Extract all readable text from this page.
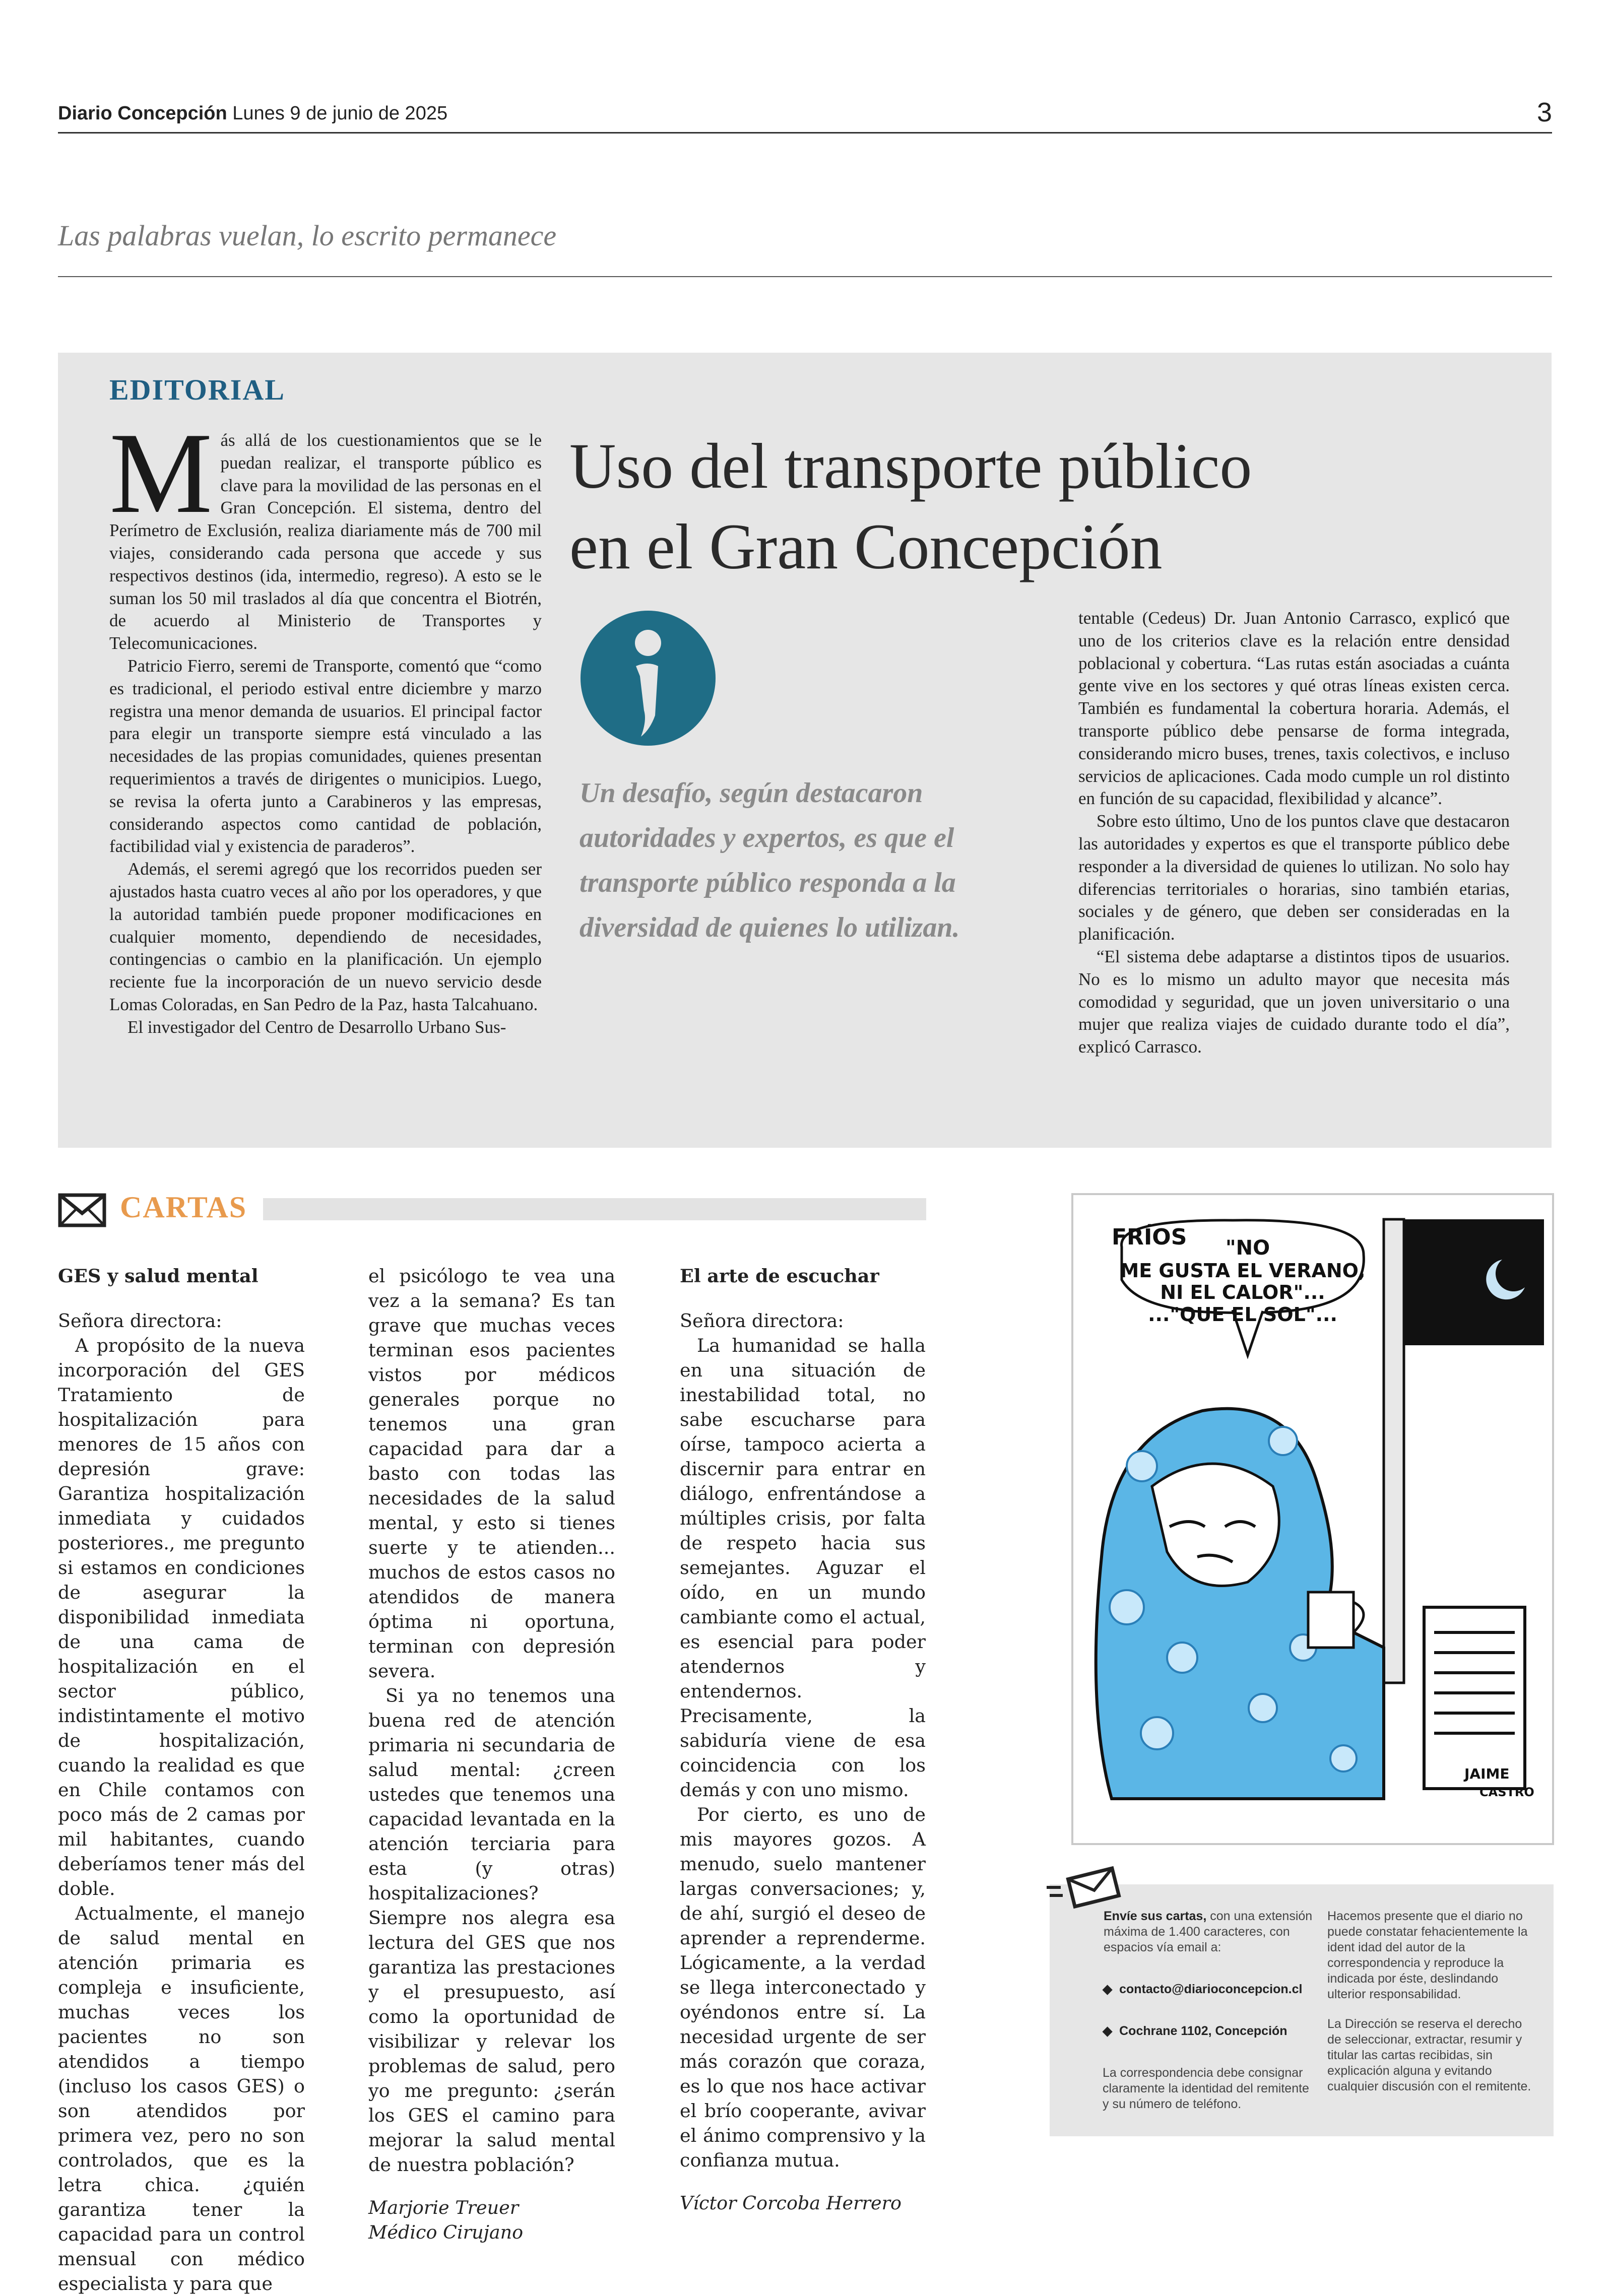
Diario Concepción Lunes 9 de junio de 2025	3
Las palabras vuelan, lo escrito permanece
EDITORIAL

Más allá de los cuestionamientos que se le puedan realizar, el transporte público es clave para la movilidad de las personas en el Gran Concepción. El sistema, dentro del Perímetro de Exclusión, realiza diariamente más de 700 mil viajes, considerando cada persona que accede y sus respectivos destinos (ida, intermedio, regreso). A esto se le suman los 50 mil traslados al día que concentra el Biotrén, de acuerdo al Ministerio de Transportes y Telecomunicaciones.

Patricio Fierro, seremi de Transporte, comentó que “como es tradicional, el periodo estival entre diciembre y marzo registra una menor demanda de usuarios. El principal factor para elegir un transporte siempre está vinculado a las necesidades de las propias comunidades, quienes presentan requerimientos a través de dirigentes o municipios. Luego, se revisa la oferta junto a Carabineros y las empresas, considerando aspectos como cantidad de población, factibilidad vial y existencia de paraderos”.

Además, el seremi agregó que los recorridos pueden ser ajustados hasta cuatro veces al año por los operadores, y que la autoridad también puede proponer modificaciones en cualquier momento, dependiendo de necesidades, contingencias o cambio en la planificación. Un ejemplo reciente fue la incorporación de un nuevo servicio desde Lomas Coloradas, en San Pedro de la Paz, hasta Talcahuano.

El investigador del Centro de Desarrollo Urbano Sus-

Uso del transporte público
en el Gran Concepción
Un desafío, según destacaron autoridades y expertos, es que el transporte público responda a la diversidad de quienes lo utilizan.

tentable (Cedeus) Dr. Juan Antonio Carrasco, explicó que uno de los criterios clave es la relación entre densidad poblacional y cobertura. “Las rutas están asociadas a cuánta gente vive en los sectores y qué otras líneas existen cerca. También es fundamental la cobertura horaria. Además, el transporte público debe pensarse de forma integrada, considerando micro buses, trenes, taxis colectivos, e incluso servicios de aplicaciones. Cada modo cumple un rol distinto en función de su capacidad, flexibilidad y alcance”.

Sobre esto último, Uno de los puntos clave que destacaron las autoridades y expertos es que el transporte público debe responder a la diversidad de quienes lo utilizan. No solo hay diferencias territoriales o horarias, sino también etarias, sociales y de género, que deben ser consideradas en la planificación.

“El sistema debe adaptarse a distintos tipos de usuarios. No es lo mismo un adulto mayor que necesita más comodidad y seguridad, que un joven universitario o una mujer que realiza viajes de cuidado durante todo el día”, explicó Carrasco.

CARTAS

GES y salud mental

Señora directora:

A propósito de la nueva incorporación del GES Tratamiento de hospitalización para menores de 15 años con depresión grave: Garantiza hospitalización inmediata y cuidados posteriores., me pregunto si estamos en condiciones de asegurar la disponibilidad inmediata de una cama de hospitalización en el sector público, indistintamente el motivo de hospitalización, cuando la realidad es que en Chile contamos con poco más de 2 camas por mil habitantes, cuando deberíamos tener más del doble.

Actualmente, el manejo de salud mental en atención primaria es compleja e insuficiente, muchas veces los pacientes no son atendidos a tiempo (incluso los casos GES) o son atendidos por primera vez, pero no son controlados, que es la letra chica. ¿quién garantiza tener la capacidad para un control mensual con médico especialista y para que

el psicólogo te vea una vez a la semana? Es tan grave que muchas veces terminan esos pacientes vistos por médicos generales porque no tenemos una gran capacidad para dar a basto con todas las necesidades de la salud mental, y esto si tienes suerte y te atienden... muchos de estos casos no atendidos de manera óptima ni oportuna, terminan con depresión severa.

Si ya no tenemos una buena red de atención primaria ni secundaria de salud mental: ¿creen ustedes que tenemos una capacidad levantada en la atención terciaria para esta (y otras) hospitalizaciones? Siempre nos alegra esa lectura del GES que nos garantiza las prestaciones y el presupuesto, así como la oportunidad de visibilizar y relevar los problemas de salud, pero yo me pregunto: ¿serán los GES el camino para mejorar la salud mental de nuestra población?

Marjorie Treuer

Médico Cirujano

El arte de escuchar

Señora directora:

La humanidad se halla en una situación de inestabilidad total, no sabe escucharse para oírse, tampoco acierta a discernir para entrar en diálogo, enfrentándose a múltiples crisis, por falta de respeto hacia sus semejantes. Aguzar el oído, en un mundo cambiante como el actual, es esencial para poder atendernos y entendernos. Precisamente, la sabiduría viene de esa coincidencia con los demás y con uno mismo.

Por cierto, es uno de mis mayores gozos. A menudo, suelo mantener largas conversaciones; y, de ahí, surgió el deseo de aprender a reprenderme. Lógicamente, a la verdad se llega interconectado y oyéndonos entre sí. La necesidad urgente de ser más corazón que coraza, es lo que nos hace activar el brío cooperante, avivar el ánimo comprensivo y la confianza mutua.

Víctor Corcoba Herrero

FRÍOS "NO
ME GUSTA EL VERANO,
NI EL CALOR"...
..."QUE EL SOL"...
JAIME
CASTRO
Envíe sus cartas, con una extensión máxima de 1.400 caracteres, con espacios vía email a:
◆  contacto@diarioconcepcion.cl
◆  Cochrane 1102, Concepción
La correspondencia debe consignar claramente la identidad del remitente y su número de teléfono.
Hacemos presente que el diario no puede constatar fehacientemente la ident idad del autor de la correspondencia y reproduce la indicada por éste, deslindando ulterior responsabilidad.
La Dirección se reserva el derecho de seleccionar, extractar, resumir y titular las cartas recibidas, sin explicación alguna y evitando cualquier discusión con el remitente.
